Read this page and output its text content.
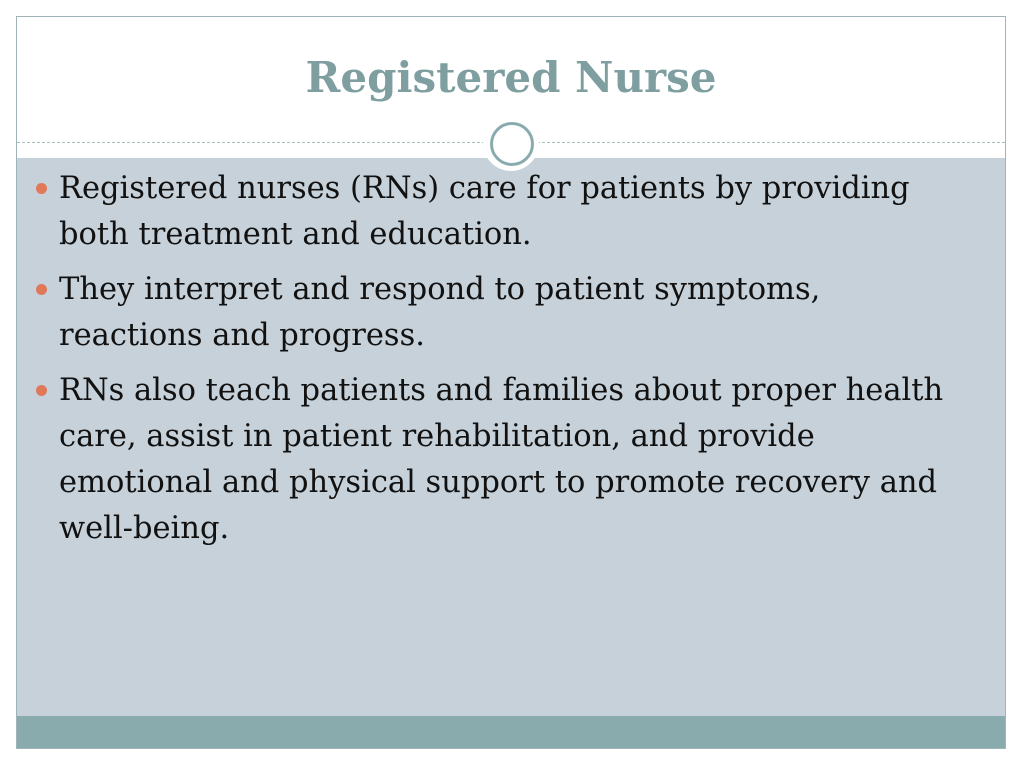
Registered Nurse
Registered nurses (RNs) care for patients by providing both treatment and education.
They interpret and respond to patient symptoms, reactions and progress.
RNs also teach patients and families about proper health care, assist in patient rehabilitation, and provide emotional and physical support to promote recovery and well-being.
